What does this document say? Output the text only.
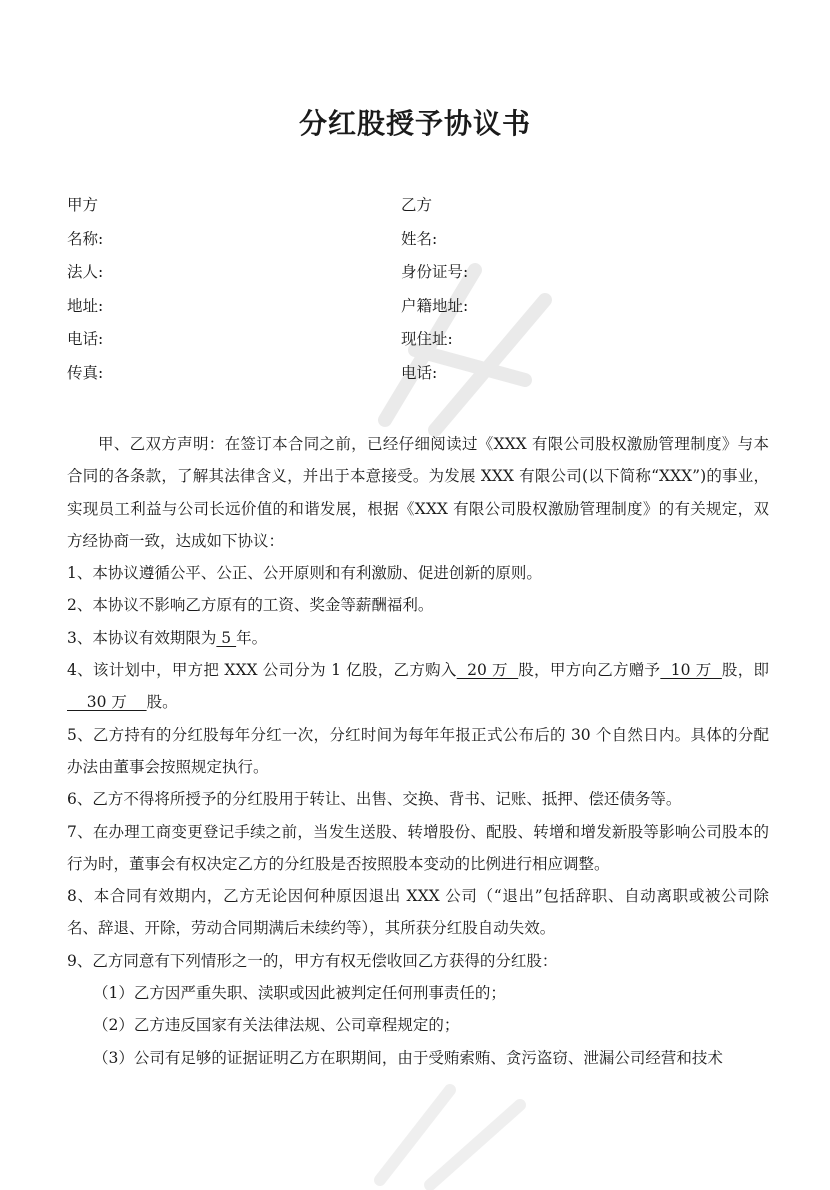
分红股授予协议书
甲方
名称:
法人:
地址:
电话:
传真:
乙方
姓名:
身份证号:
户籍地址:
现住址:
电话:
甲、乙双方声明：在签订本合同之前，已经仔细阅读过《XXX 有限公司股权激励管理制度》与本合同的各条款，了解其法律含义，并出于本意接受。为发展 XXX 有限公司(以下简称“XXX”)的事业，实现员工利益与公司长远价值的和谐发展，根据《XXX 有限公司股权激励管理制度》的有关规定，双方经协商一致，达成如下协议：
1、本协议遵循公平、公正、公开原则和有利激励、促进创新的原则。
2、本协议不影响乙方原有的工资、奖金等薪酬福利。
3、本协议有效期限为 5 年。
4、该计划中，甲方把 XXX 公司分为 1 亿股，乙方购入  20 万  股，甲方向乙方赠予  10 万  股，即    30 万    股。
5、乙方持有的分红股每年分红一次，分红时间为每年年报正式公布后的 30 个自然日内。具体的分配办法由董事会按照规定执行。
6、乙方不得将所授予的分红股用于转让、出售、交换、背书、记账、抵押、偿还债务等。
7、在办理工商变更登记手续之前，当发生送股、转增股份、配股、转增和增发新股等影响公司股本的行为时，董事会有权决定乙方的分红股是否按照股本变动的比例进行相应调整。
8、本合同有效期内，乙方无论因何种原因退出 XXX 公司（“退出”包括辞职、自动离职或被公司除名、辞退、开除，劳动合同期满后未续约等），其所获分红股自动失效。
9、乙方同意有下列情形之一的，甲方有权无偿收回乙方获得的分红股：
（1）乙方因严重失职、渎职或因此被判定任何刑事责任的；
（2）乙方违反国家有关法律法规、公司章程规定的；
（3）公司有足够的证据证明乙方在职期间，由于受贿索贿、贪污盗窃、泄漏公司经营和技术
